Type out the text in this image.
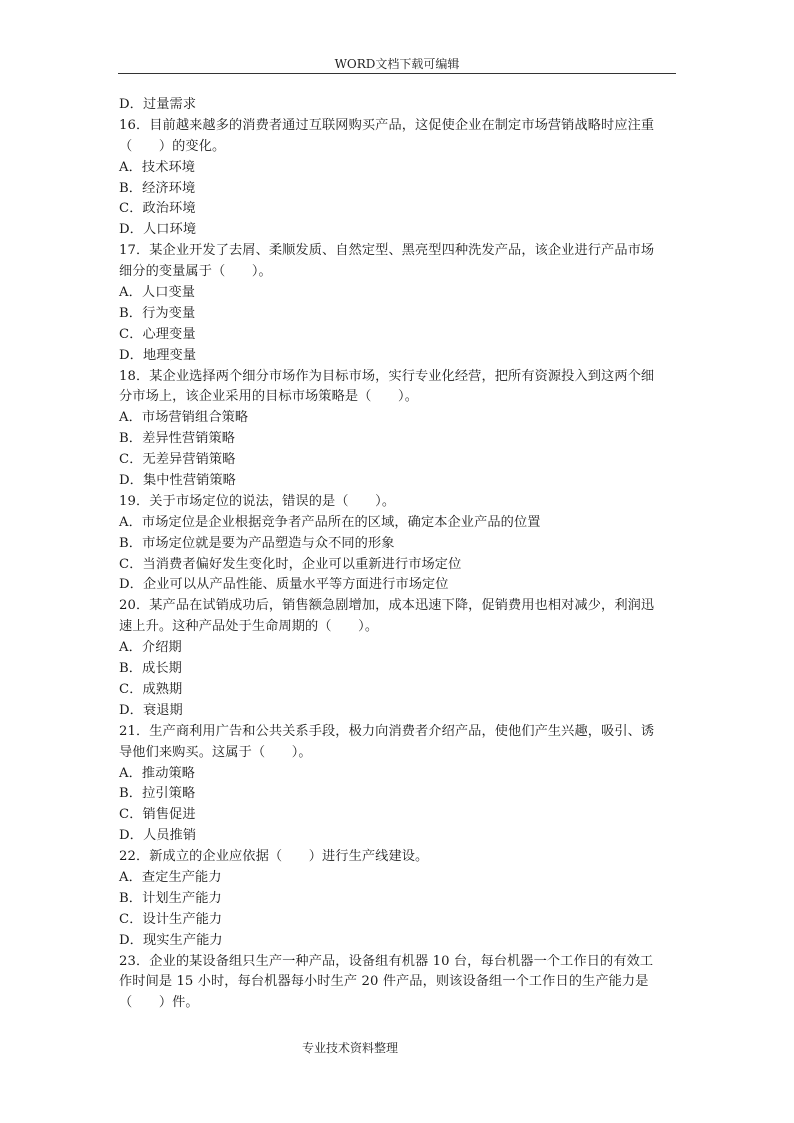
WORD文档下载可编辑
D．过量需求
16．目前越来越多的消费者通过互联网购买产品，这促使企业在制定市场营销战略时应注重
（　　）的变化。
A．技术环境
B．经济环境
C．政治环境
D．人口环境
17．某企业开发了去屑、柔顺发质、自然定型、黑亮型四种洗发产品，该企业进行产品市场
细分的变量属于（　　）。
A．人口变量
B．行为变量
C．心理变量
D．地理变量
18．某企业选择两个细分市场作为目标市场，实行专业化经营，把所有资源投入到这两个细
分市场上，该企业采用的目标市场策略是（　　）。
A．市场营销组合策略
B．差异性营销策略
C．无差异营销策略
D．集中性营销策略
19．关于市场定位的说法，错误的是（　　）。
A．市场定位是企业根据竞争者产品所在的区域，确定本企业产品的位置
B．市场定位就是要为产品塑造与众不同的形象
C．当消费者偏好发生变化时，企业可以重新进行市场定位
D．企业可以从产品性能、质量水平等方面进行市场定位
20．某产品在试销成功后，销售额急剧增加，成本迅速下降，促销费用也相对减少，利润迅
速上升。这种产品处于生命周期的（　　）。
A．介绍期
B．成长期
C．成熟期
D．衰退期
21．生产商利用广告和公共关系手段，极力向消费者介绍产品，使他们产生兴趣，吸引、诱
导他们来购买。这属于（　　）。
A．推动策略
B．拉引策略
C．销售促进
D．人员推销
22．新成立的企业应依据（　　）进行生产线建设。
A．查定生产能力
B．计划生产能力
C．设计生产能力
D．现实生产能力
23．企业的某设备组只生产一种产品，设备组有机器 10 台，每台机器一个工作日的有效工
作时间是 15 小时，每台机器每小时生产 20 件产品，则该设备组一个工作日的生产能力是
（　　）件。
专业技术资料整理
